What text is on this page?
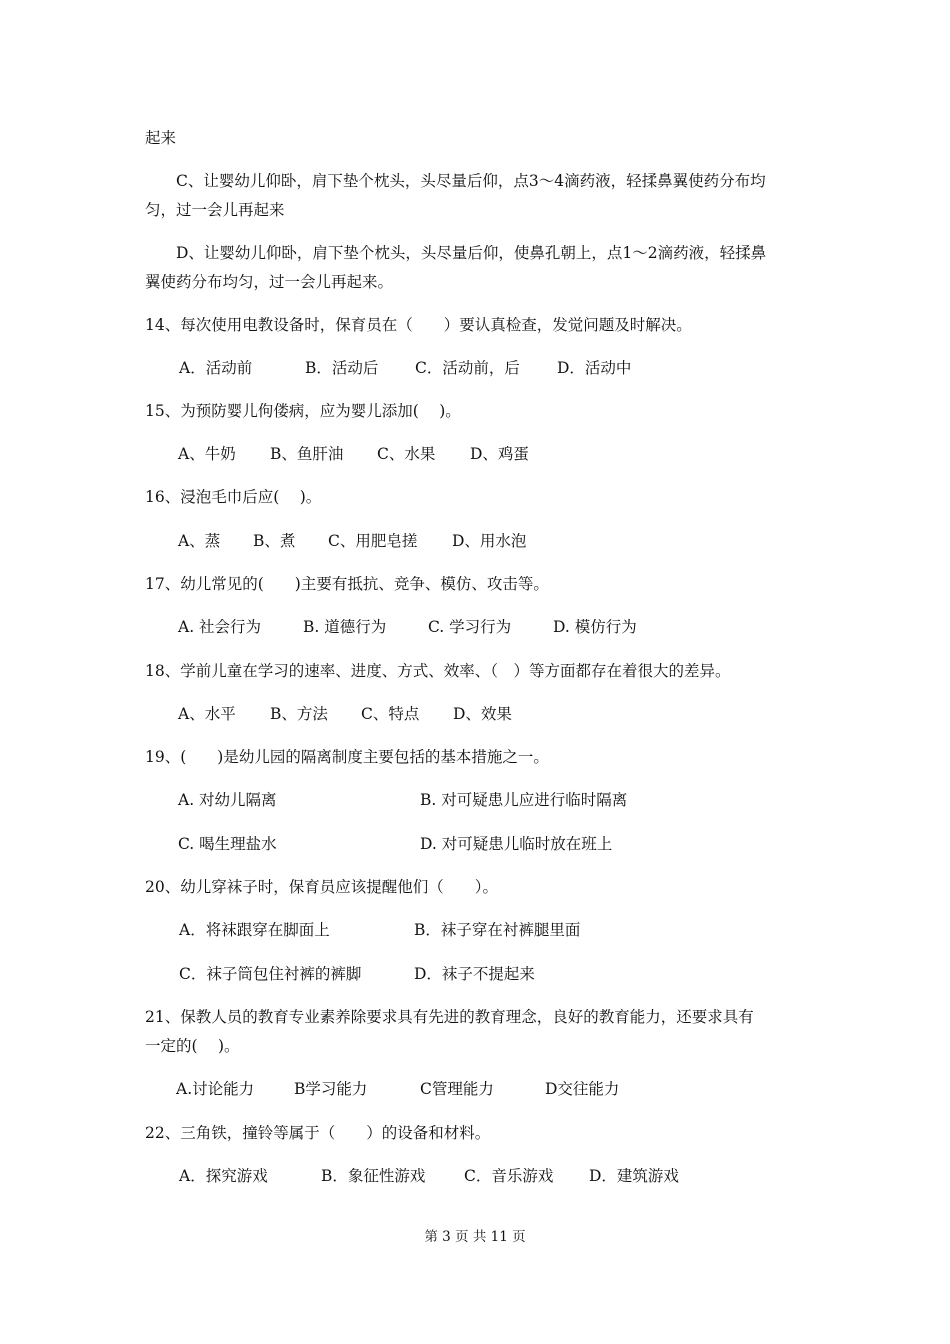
起来
C、让婴幼儿仰卧，肩下垫个枕头，头尽量后仰，点3～4滴药液，轻揉鼻翼使药分布均
匀，过一会儿再起来
D、让婴幼儿仰卧，肩下垫个枕头，头尽量后仰，使鼻孔朝上，点1～2滴药液，轻揉鼻
翼使药分布均匀，过一会儿再起来。
14、每次使用电教设备时，保育员在（　　）要认真检查，发觉问题及时解决。
A．活动前	B．活动后 C．活动前，后 D．活动中
15、为预防婴儿佝偻病，应为婴儿添加(　 )。
A、牛奶 B、鱼肝油 C、水果 D、鸡蛋
16、浸泡毛巾后应(　 )。
A、蒸 B、煮 C、用肥皂搓 D、用水泡
17、幼儿常见的(　　)主要有抵抗、竞争、模仿、攻击等。
A. 社会行为	B. 道德行为	C. 学习行为	D. 模仿行为
18、学前儿童在学习的速率、进度、方式、效率、（　）等方面都存在着很大的差异。
A、水平 B、方法 C、特点 D、效果
19、(　　)是幼儿园的隔离制度主要包括的基本措施之一。
A. 对幼儿隔离	B. 对可疑患儿应进行临时隔离
C. 喝生理盐水	D. 对可疑患儿临时放在班上
20、幼儿穿袜子时，保育员应该提醒他们（　　）。
A．将袜跟穿在脚面上	B．袜子穿在衬裤腿里面
C．袜子筒包住衬裤的裤脚	D．袜子不提起来
21、保教人员的教育专业素养除要求具有先进的教育理念，良好的教育能力，还要求具有
一定的(　 )。
A.讨论能力	B学习能力	C管理能力	D交往能力
22、三角铁，撞铃等属于（　　）的设备和材料。
A．探究游戏	B．象征性游戏 C．音乐游戏 D．建筑游戏
第 3 页 共 11 页
